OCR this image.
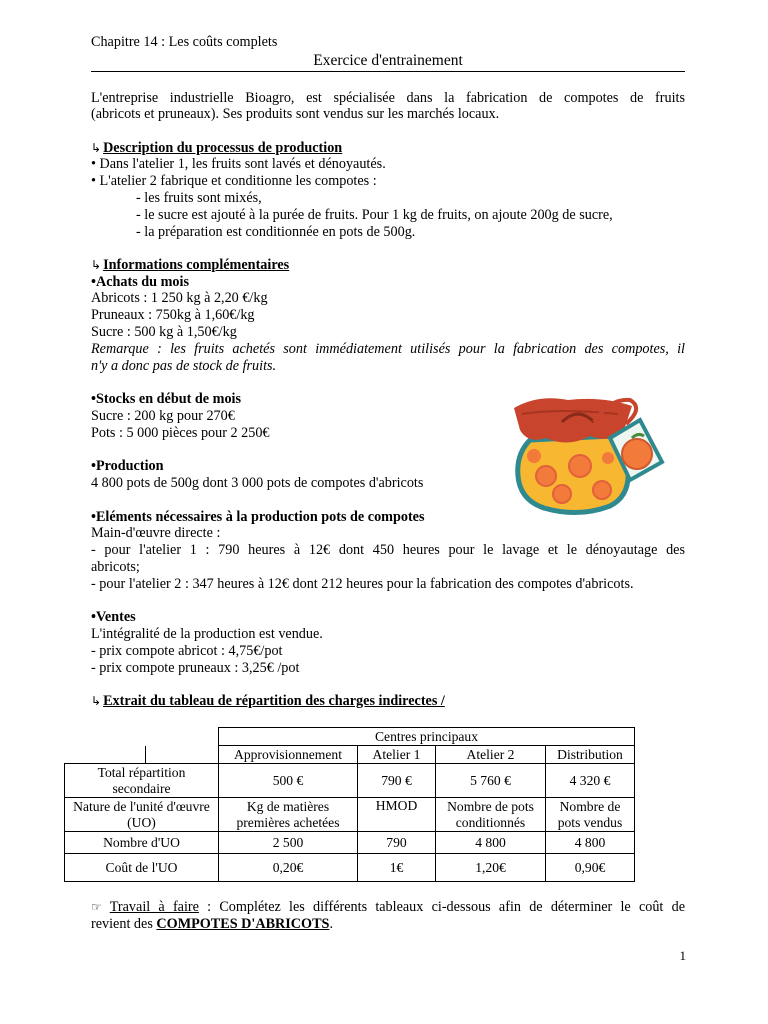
Chapitre 14 : Les coûts complets
Exercice d'entrainement
L'entreprise industrielle Bioagro, est spécialisée dans la fabrication de compotes de fruits
(abricots et pruneaux). Ses produits sont vendus sur les marchés locaux.
↳ Description du processus de production
• Dans l'atelier 1, les fruits sont lavés et dénoyautés.
• L'atelier 2 fabrique et conditionne les compotes :
- les fruits sont mixés,
- le sucre est ajouté à la purée de fruits. Pour 1 kg de fruits, on ajoute 200g de sucre,
- la préparation est conditionnée en pots de 500g.
↳ Informations complémentaires
•Achats du mois
Abricots : 1 250 kg à 2,20 €/kg
Pruneaux : 750kg à 1,60€/kg
Sucre : 500 kg à 1,50€/kg
Remarque : les fruits achetés sont immédiatement utilisés pour la fabrication des compotes, il
n'y a donc pas de stock de fruits.
•Stocks en début de mois
Sucre : 200 kg pour 270€
Pots : 5 000 pièces pour 2 250€
•Production
4 800 pots de 500g dont 3 000 pots de compotes d'abricots
•Eléments nécessaires à la production pots de compotes
Main-d'œuvre directe :
- pour l'atelier 1 : 790 heures à 12€ dont 450 heures pour le lavage et le dénoyautage des
abricots;
- pour l'atelier 2 : 347 heures à 12€ dont 212 heures pour la fabrication des compotes d'abricots.
•Ventes
L'intégralité de la production est vendue.
- prix compote abricot : 4,75€/pot
- prix compote pruneaux : 3,25€ /pot
↳ Extrait du tableau de répartition des charges indirectes /
		Centres principaux			
		Approvisionnement	Atelier 1	Atelier 2	Distribution
Total répartition secondaire		500 €	790 €	5 760 €	4 320 €
Nature de l'unité d'œuvre (UO)		Kg de matières premières achetées	HMOD	Nombre de pots conditionnés	Nombre de pots vendus
Nombre d'UO		2 500	790	4 800	4 800
Coût de l'UO		0,20€	1€	1,20€	0,90€
☞ Travail à faire : Complétez les différents tableaux ci-dessous afin de déterminer le coût de
revient des COMPOTES D'ABRICOTS.
1
